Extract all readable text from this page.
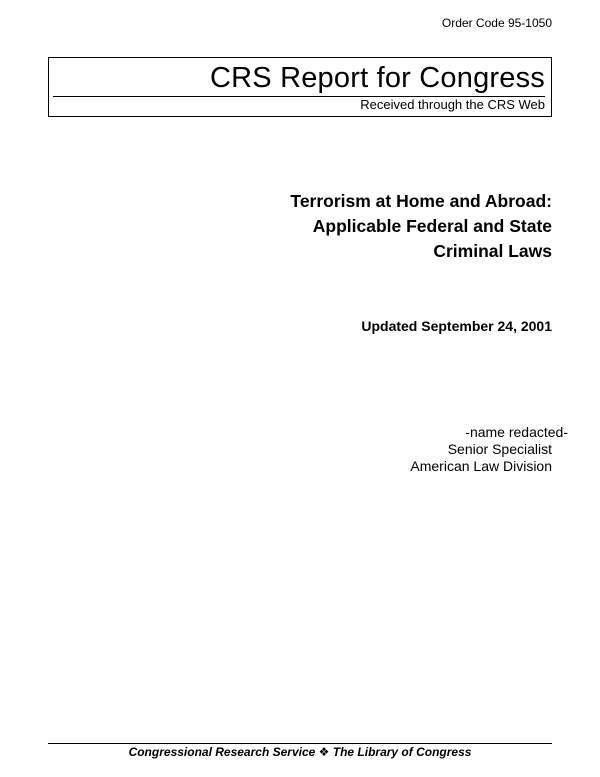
Order Code 95-1050
CRS Report for Congress
Received through the CRS Web
Terrorism at Home and Abroad:
Applicable Federal and State
Criminal Laws
Updated September 24, 2001
-name redacted-
Senior Specialist
American Law Division
Congressional Research Service ❖ The Library of Congress
